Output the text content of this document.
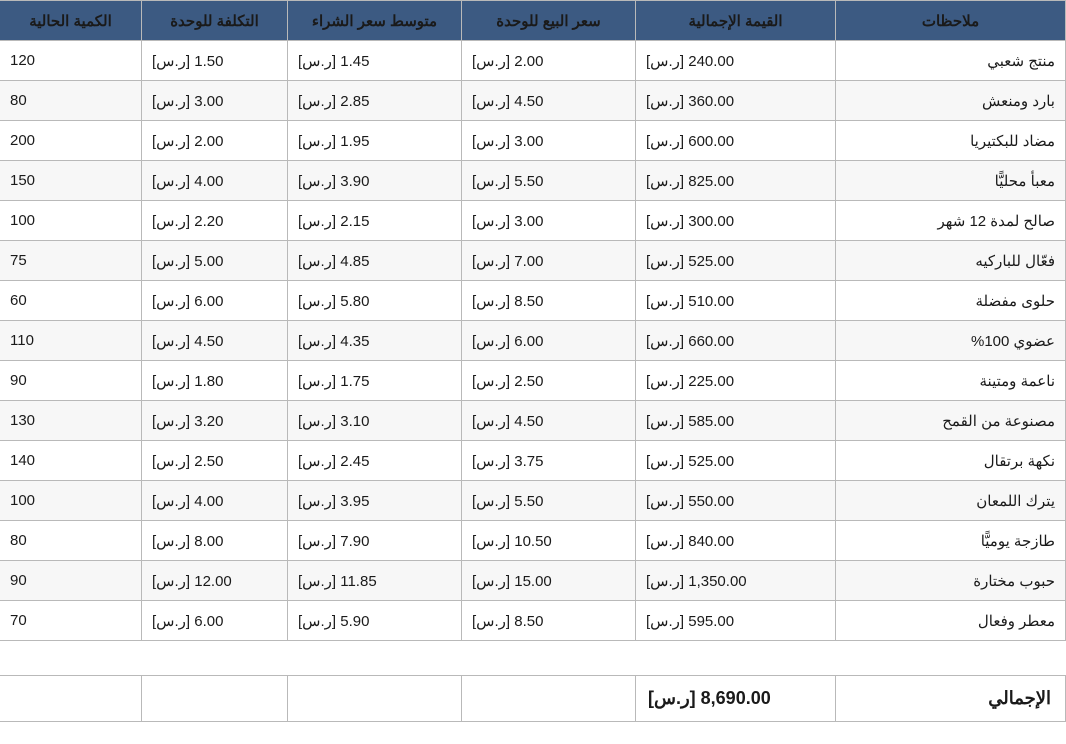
ملاحظات	القيمة الإجمالية	سعر البيع للوحدة	متوسط سعر الشراء	التكلفة للوحدة	الكمية الحالية
منتج شعبي	240.00 [ر.س]	2.00 [ر.س]	1.45 [ر.س]	1.50 [ر.س]	120
بارد ومنعش	360.00 [ر.س]	4.50 [ر.س]	2.85 [ر.س]	3.00 [ر.س]	80
مضاد للبكتيريا	600.00 [ر.س]	3.00 [ر.س]	1.95 [ر.س]	2.00 [ر.س]	200
معبأ محليًّا	825.00 [ر.س]	5.50 [ر.س]	3.90 [ر.س]	4.00 [ر.س]	150
صالح لمدة 12 شهر	300.00 [ر.س]	3.00 [ر.س]	2.15 [ر.س]	2.20 [ر.س]	100
فعّال للباركيه	525.00 [ر.س]	7.00 [ر.س]	4.85 [ر.س]	5.00 [ر.س]	75
حلوى مفضلة	510.00 [ر.س]	8.50 [ر.س]	5.80 [ر.س]	6.00 [ر.س]	60
عضوي 100%	660.00 [ر.س]	6.00 [ر.س]	4.35 [ر.س]	4.50 [ر.س]	110
ناعمة ومتينة	225.00 [ر.س]	2.50 [ر.س]	1.75 [ر.س]	1.80 [ر.س]	90
مصنوعة من القمح	585.00 [ر.س]	4.50 [ر.س]	3.10 [ر.س]	3.20 [ر.س]	130
نكهة برتقال	525.00 [ر.س]	3.75 [ر.س]	2.45 [ر.س]	2.50 [ر.س]	140
يترك اللمعان	550.00 [ر.س]	5.50 [ر.س]	3.95 [ر.س]	4.00 [ر.س]	100
طازجة يوميًّا	840.00 [ر.س]	10.50 [ر.س]	7.90 [ر.س]	8.00 [ر.س]	80
حبوب مختارة	1,350.00 [ر.س]	15.00 [ر.س]	11.85 [ر.س]	12.00 [ر.س]	90
معطر وفعال	595.00 [ر.س]	8.50 [ر.س]	5.90 [ر.س]	6.00 [ر.س]	70
الإجمالي	8,690.00 [ر.س]				
